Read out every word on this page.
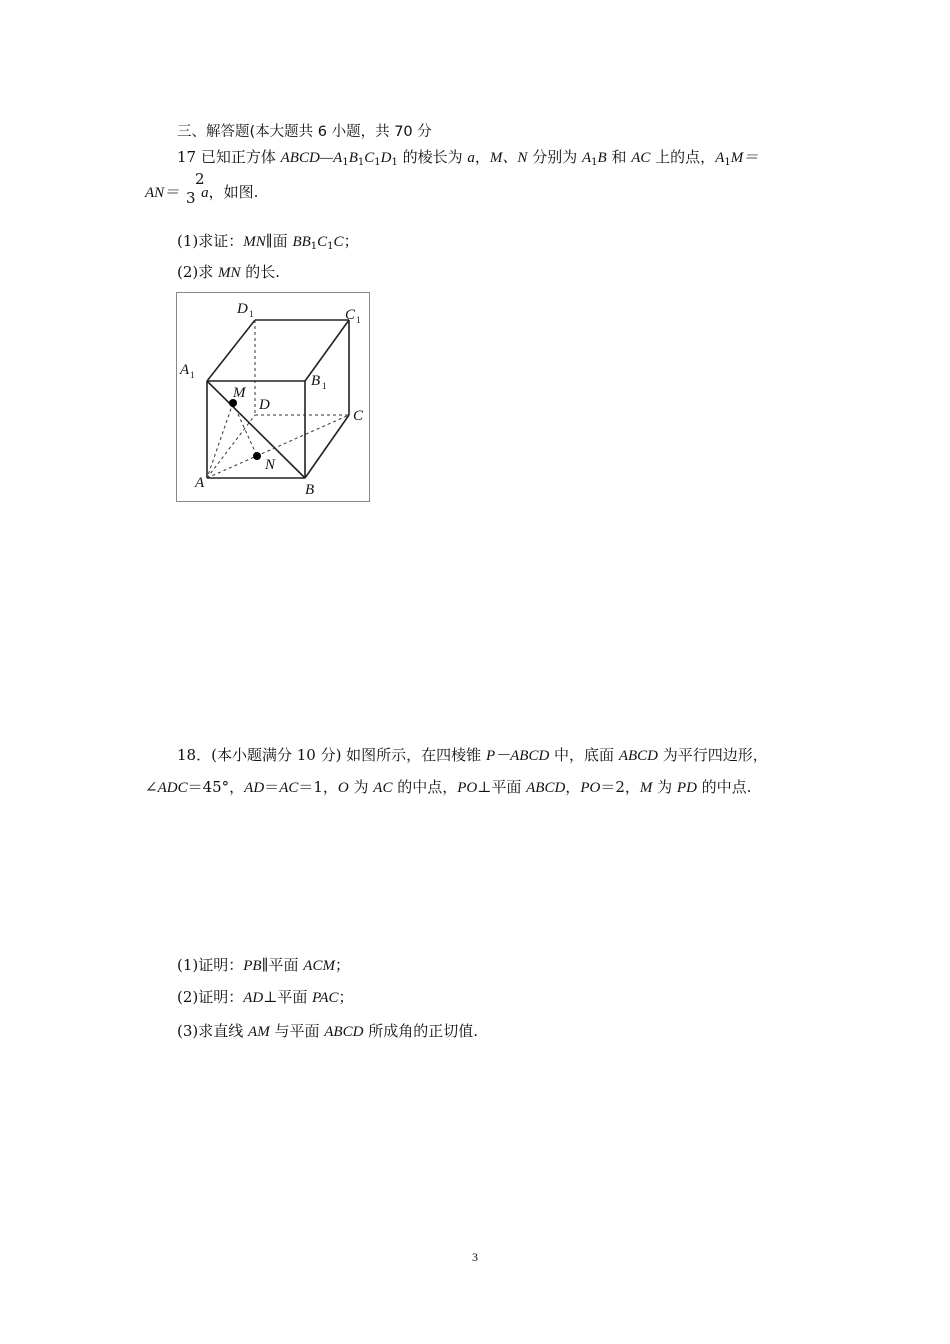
三、解答题(本大题共 6 小题，共 70 分
17 已知正方体 $ABCD—A_1B_1C_1D_1$ 的棱长为 a，M、N 分别为 $A_1B$ 和 AC 上的点，$A_1M=$
AN＝ a，如图.
2
3
(1)求证：MN∥面 $BB_1C_1C$；
(2)求 MN 的长.
D 1	C 1
A 1	B 1
M
D
C
N
A	B
18．(本小题满分 10 分) 如图所示，在四棱锥 P－ABCD 中，底面 ABCD 为平行四边形，
∠ADC＝45°，AD＝AC＝1，O 为 AC 的中点，PO⊥平面 ABCD，PO＝2，M 为 PD 的中点.
(1)证明：PB∥平面 ACM；
(2)证明：AD⊥平面 PAC；
(3)求直线 AM 与平面 ABCD 所成角的正切值.
3
